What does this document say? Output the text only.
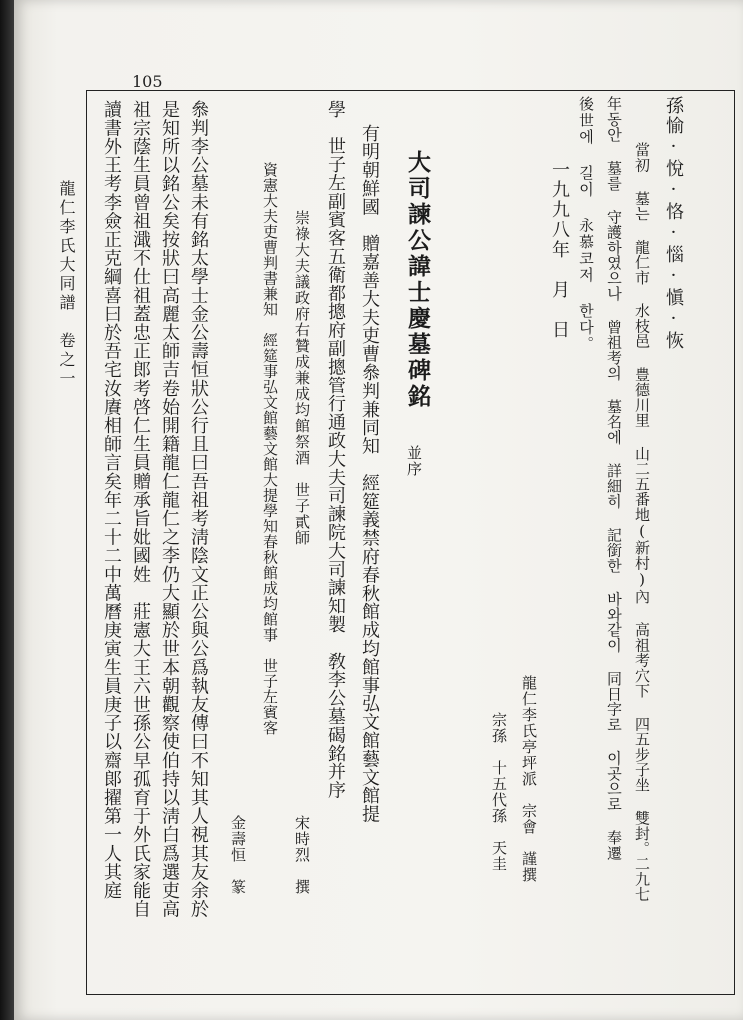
105
龍仁李氏大同譜　卷之一	孫愉·悅·恪·惱·愼·恢
當初 墓는 龍仁市 水枝邑 豊德川里 山二五番地(新村)內 高祖考穴下 四五步子坐 雙封。二九七
年동안 墓를 守護하였으나 曾祖考의 墓名에 詳細히 記銜한 바와같이 同日字로 이곳으로 奉遷
後世에 길이 永慕코저 한다。
一九九八年　月　日
龍仁李氏亭坪派　宗會　謹撰
宗孫　十五代孫　天圭
大司諫公諱士慶墓碑銘
並序
有明朝鮮國　贈嘉善大夫吏曹叅判兼同知　經筵義禁府春秋館成均館事弘文館藝文館提
學　世子左副賓客五衛都摠府副摠管行通政大夫司諫院大司諫知製　敎李公墓碣銘并序
崇祿大夫議政府右贊成兼成均館祭酒　世子貳師
宋時烈　撰
資憲大夫吏曹判書兼知　經筵事弘文館藝文館大提學知春秋館成均館事　世子左賓客
金壽恒　篆
叅判李公墓未有銘太學士金公壽恒狀公行且曰吾祖考淸陰文正公與公爲執友傳曰不知其人視其友余於
是知所以銘公矣按狀曰高麗太師吉卷始開籍龍仁龍仁之李仍大顯於世本朝觀察使伯持以淸白爲選吏高
祖宗蔭生員曾祖濈不仕祖蓋忠正郎考啓仁生員贈承旨妣國姓　莊憲大王六世孫公早孤育于外氏家能自
讀書外王考李僉正克綱喜曰於吾宅汝賡相師言矣年二十二中萬曆庚寅生員庚子以齋郞擢第一人其庭
